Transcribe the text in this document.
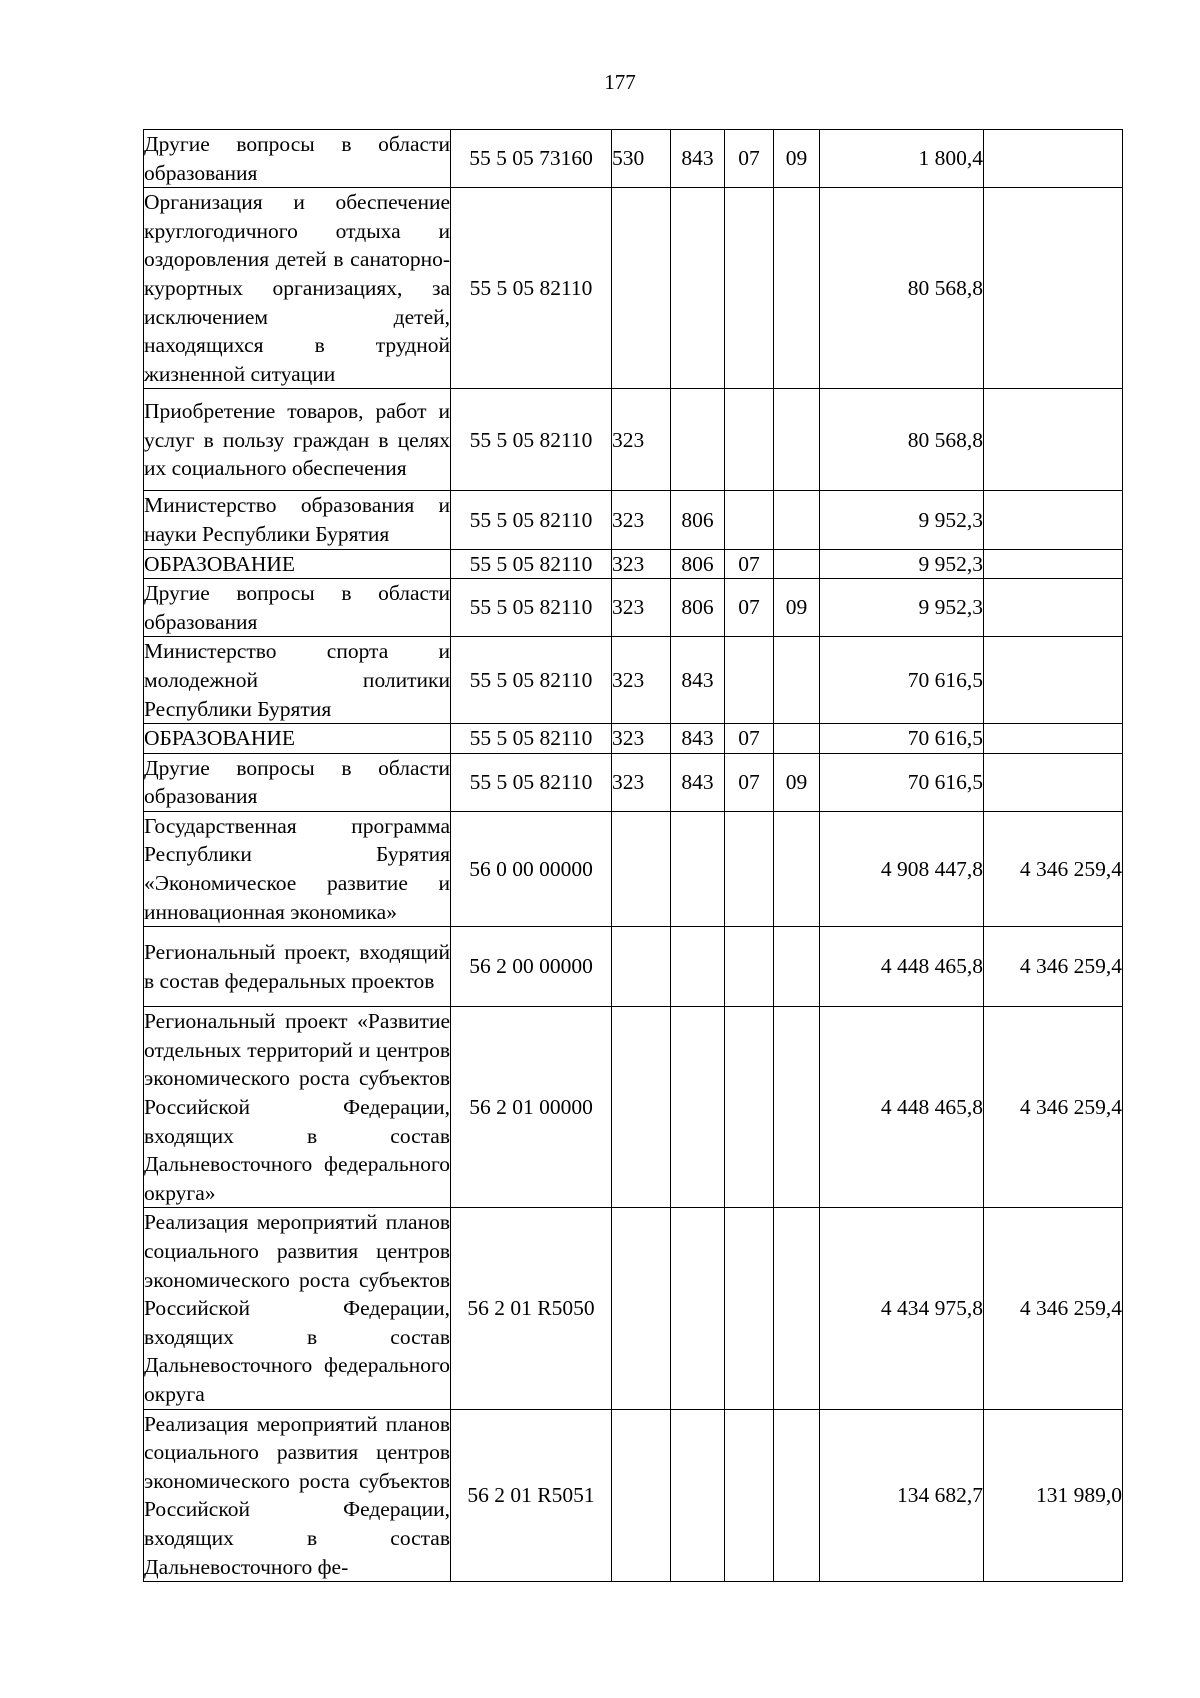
177
Другие вопросы в области образования	55 5 05 73160	530	843	07	09	1 800,4	
Организация и обеспечение круглогодичного отдыха и оздоровления детей в санаторно-курортных организациях, за исключением детей, находящихся в трудной жизненной ситуации	55 5 05 82110					80 568,8	
Приобретение товаров, работ и услуг в пользу граждан в целях их социального обеспечения	55 5 05 82110	323				80 568,8	
Министерство образования и науки Республики Бурятия	55 5 05 82110	323	806			9 952,3	
ОБРАЗОВАНИЕ	55 5 05 82110	323	806	07		9 952,3	
Другие вопросы в области образования	55 5 05 82110	323	806	07	09	9 952,3	
Министерство спорта и молодежной политики Республики Бурятия	55 5 05 82110	323	843			70 616,5	
ОБРАЗОВАНИЕ	55 5 05 82110	323	843	07		70 616,5	
Другие вопросы в области образования	55 5 05 82110	323	843	07	09	70 616,5	
Государственная программа Республики Бурятия «Экономическое развитие и инновационная экономика»	56 0 00 00000					4 908 447,8	4 346 259,4
Региональный проект, входящий в состав федеральных проектов	56 2 00 00000					4 448 465,8	4 346 259,4
Региональный проект «Развитие отдельных территорий и центров экономического роста субъектов Российской Федерации, входящих в состав Дальневосточного федерального округа»	56 2 01 00000					4 448 465,8	4 346 259,4
Реализация мероприятий планов социального развития центров экономического роста субъектов Российской Федерации, входящих в состав Дальневосточного федерального округа	56 2 01 R5050					4 434 975,8	4 346 259,4
Реализация мероприятий планов социального развития центров экономического роста субъектов Российской Федерации, входящих в состав Дальневосточного фе-	56 2 01 R5051					134 682,7	131 989,0
